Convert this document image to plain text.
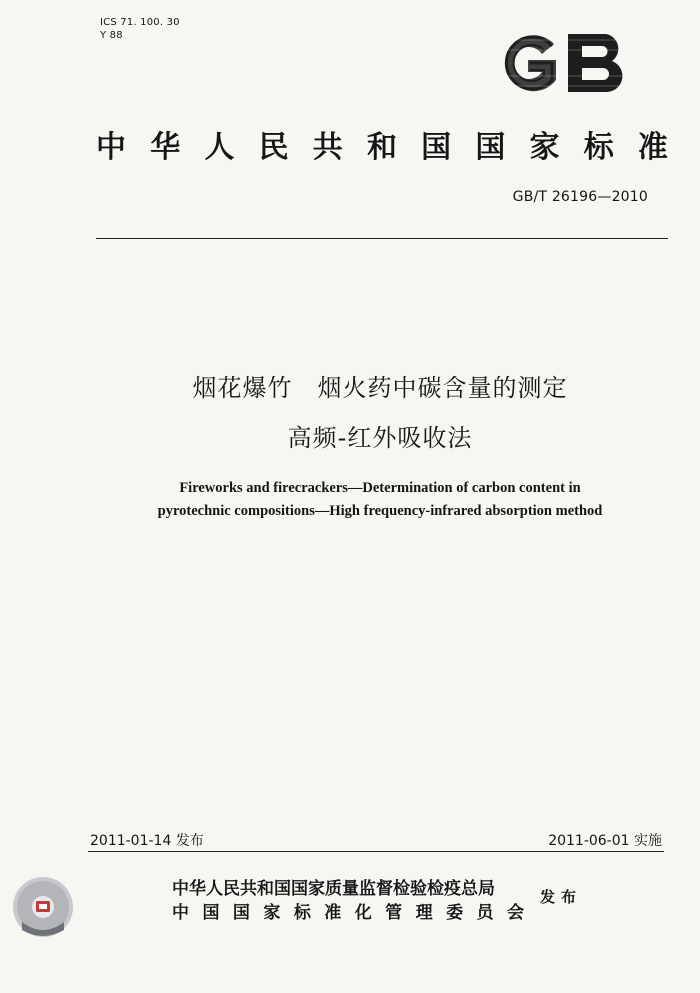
ICS 71. 100. 30
Y 88
中 华 人 民 共 和 国 国 家 标 准
GB/T 26196—2010
烟花爆竹　烟火药中碳含量的测定
高频-红外吸收法
Fireworks and firecrackers—Determination of carbon content in
pyrotechnic compositions—High frequency-infrared absorption method
2011-01-14 发布	2011-06-01 实施
中华人民共和国国家质量监督检验检疫总局
中 国 国 家 标 准 化 管 理 委 员 会
发布
